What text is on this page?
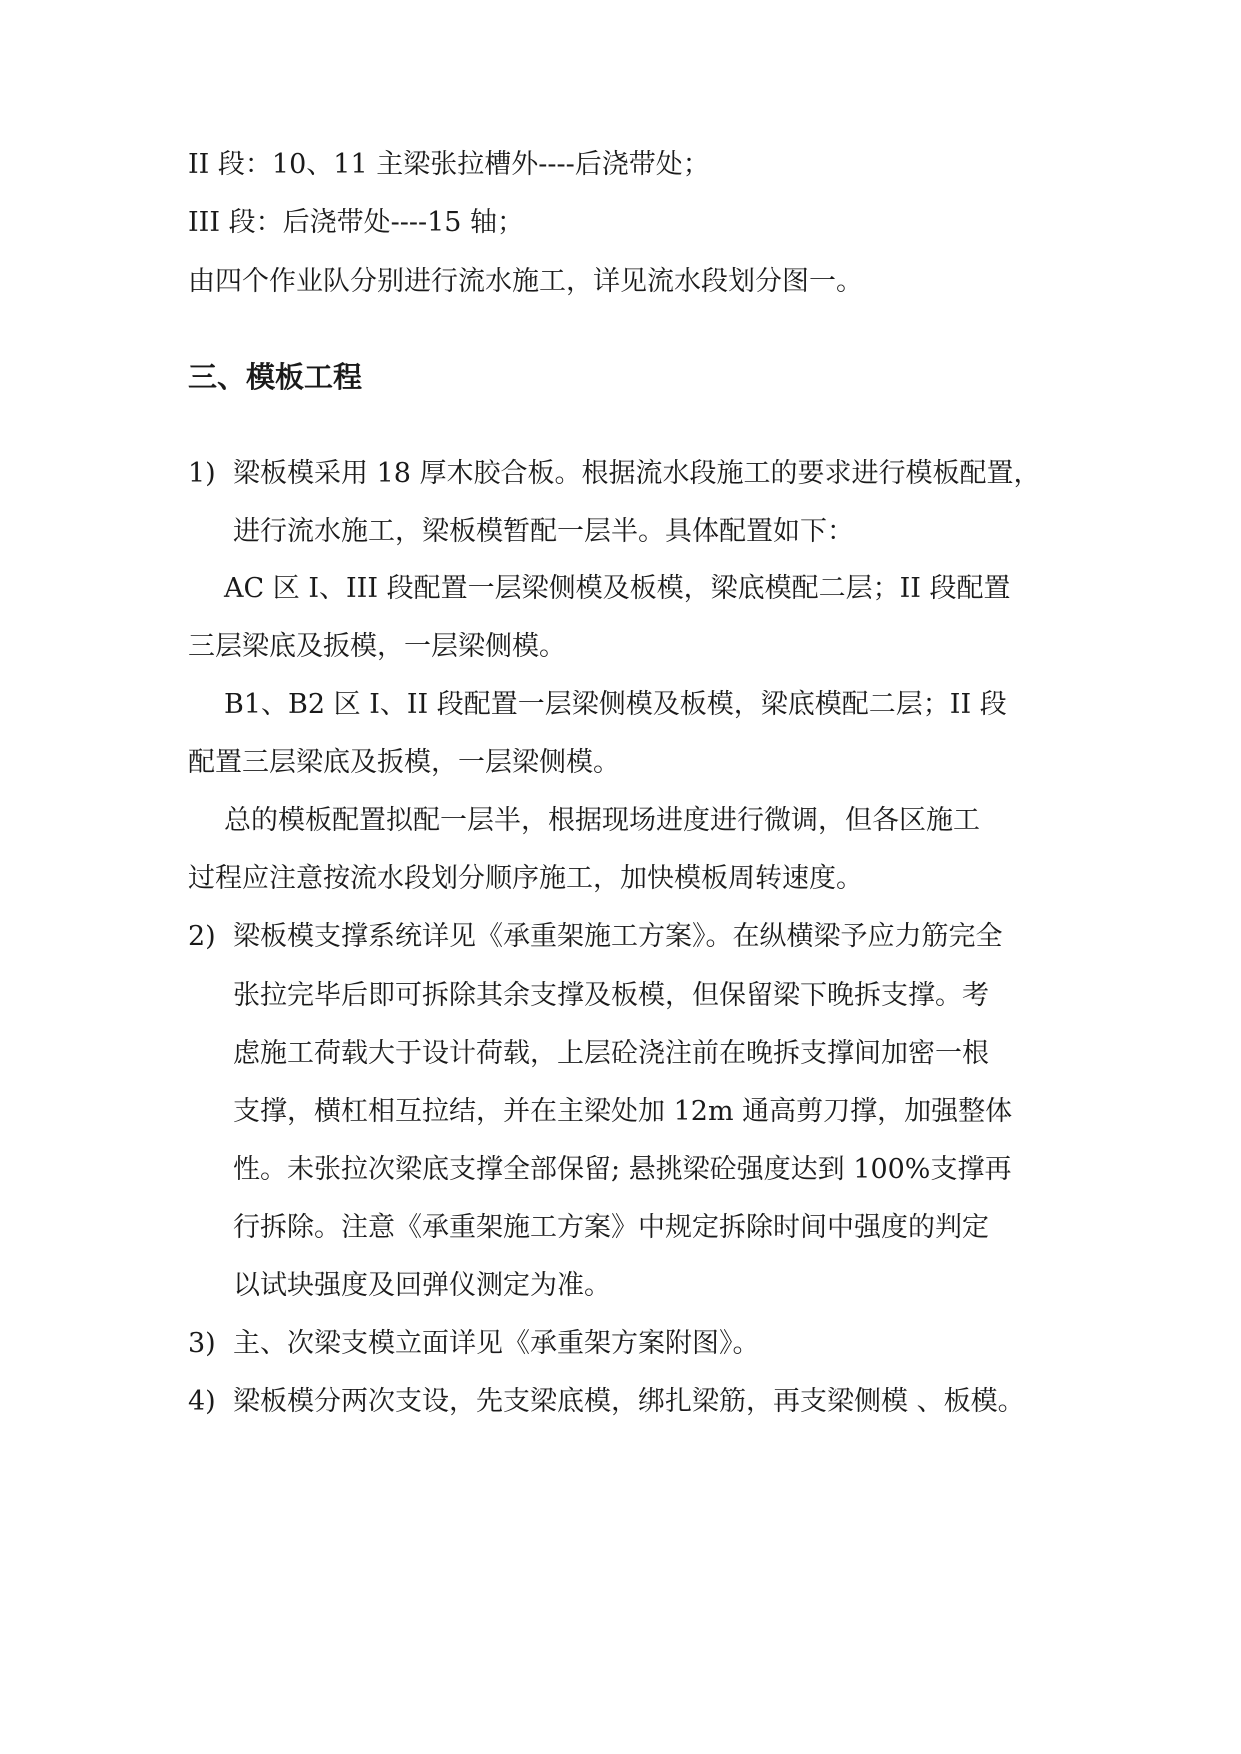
II 段：10、11 主梁张拉槽外----后浇带处；

III 段：后浇带处----15 轴；

由四个作业队分别进行流水施工，详见流水段划分图一。

三、模板工程
1) 梁板模采用 18 厚木胶合板。根据流水段施工的要求进行模板配置，
进行流水施工，梁板模暂配一层半。具体配置如下：

AC 区 I、III 段配置一层梁侧模及板模，梁底模配二层；II 段配置

三层梁底及扳模，一层梁侧模。

B1、B2 区 I、II 段配置一层梁侧模及板模，梁底模配二层；II 段

配置三层梁底及扳模，一层梁侧模。

总的模板配置拟配一层半，根据现场进度进行微调，但各区施工

过程应注意按流水段划分顺序施工，加快模板周转速度。

2) 梁板模支撑系统详见《承重架施工方案》。在纵横梁予应力筋完全
张拉完毕后即可拆除其余支撑及板模，但保留梁下晚拆支撑。考
虑施工荷载大于设计荷载，上层砼浇注前在晚拆支撑间加密一根
支撑，横杠相互拉结，并在主梁处加 12m 通高剪刀撑，加强整体
性。未张拉次梁底支撑全部保留; 悬挑梁砼强度达到 100%支撑再
行拆除。注意《承重架施工方案》中规定拆除时间中强度的判定
以试块强度及回弹仪测定为准。
3) 主、次梁支模立面详见《承重架方案附图》。
4) 梁板模分两次支设，先支梁底模，绑扎梁筋，再支梁侧模 、板模。
